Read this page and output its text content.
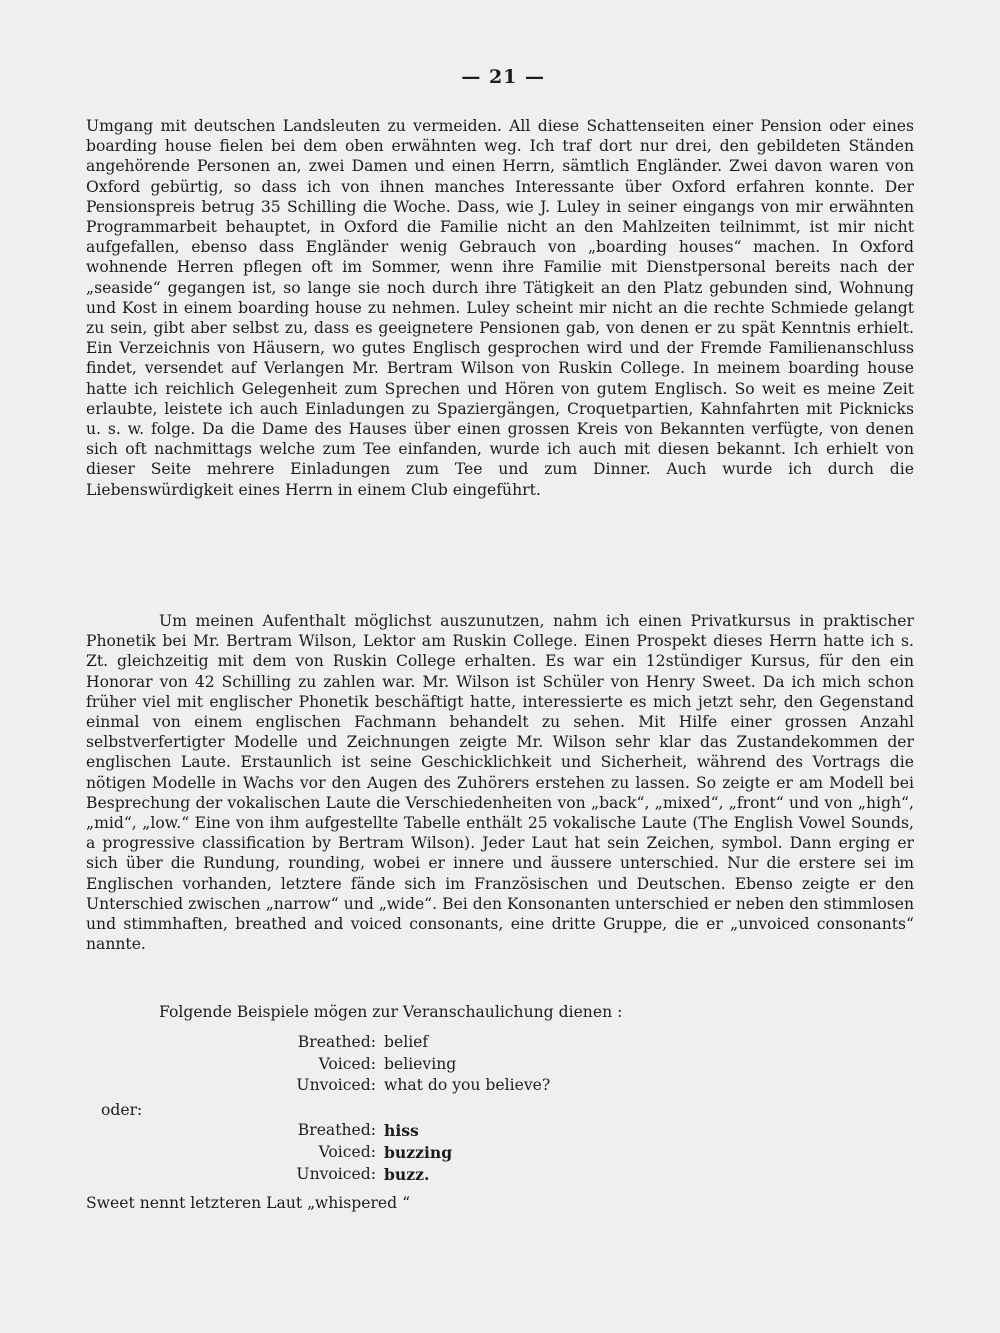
— 21 —

Umgang mit deutschen Landsleuten zu vermeiden. All diese Schattenseiten einer Pension oder eines boarding house fielen bei dem oben erwähnten weg. Ich traf dort nur drei, den gebildeten Ständen angehörende Personen an, zwei Damen und einen Herrn, sämtlich Engländer. Zwei davon waren von Oxford gebürtig, so dass ich von ihnen manches Interessante über Oxford erfahren konnte. Der Pensionspreis betrug 35 Schilling die Woche. Dass, wie J. Luley in seiner eingangs von mir erwähnten Programmarbeit behauptet, in Oxford die Familie nicht an den Mahlzeiten teilnimmt, ist mir nicht aufgefallen, ebenso dass Engländer wenig Gebrauch von „boarding houses“ machen. In Oxford wohnende Herren pflegen oft im Sommer, wenn ihre Familie mit Dienstpersonal bereits nach der „seaside“ gegangen ist, so lange sie noch durch ihre Tätigkeit an den Platz gebunden sind, Wohnung und Kost in einem boarding house zu nehmen. Luley scheint mir nicht an die rechte Schmiede gelangt zu sein, gibt aber selbst zu, dass es geeignetere Pensionen gab, von denen er zu spät Kenntnis erhielt. Ein Verzeichnis von Häusern, wo gutes Englisch gesprochen wird und der Fremde Familienanschluss findet, versendet auf Verlangen Mr. Bertram Wilson von Ruskin College. In meinem boarding house hatte ich reichlich Gelegenheit zum Sprechen und Hören von gutem Englisch. So weit es meine Zeit erlaubte, leistete ich auch Einladungen zu Spaziergängen, Croquetpartien, Kahnfahrten mit Picknicks u. s. w. folge. Da die Dame des Hauses über einen grossen Kreis von Bekannten verfügte, von denen sich oft nachmittags welche zum Tee einfanden, wurde ich auch mit diesen bekannt. Ich erhielt von dieser Seite mehrere Einladungen zum Tee und zum Dinner. Auch wurde ich durch die Liebenswürdigkeit eines Herrn in einem Club eingeführt.

Um meinen Aufenthalt möglichst auszunutzen, nahm ich einen Privatkursus in praktischer Phonetik bei Mr. Bertram Wilson, Lektor am Ruskin College. Einen Prospekt dieses Herrn hatte ich s. Zt. gleichzeitig mit dem von Ruskin College erhalten. Es war ein 12stündiger Kursus, für den ein Honorar von 42 Schilling zu zahlen war. Mr. Wilson ist Schüler von Henry Sweet. Da ich mich schon früher viel mit englischer Phonetik beschäftigt hatte, interessierte es mich jetzt sehr, den Gegenstand einmal von einem englischen Fachmann behandelt zu sehen. Mit Hilfe einer grossen Anzahl selbstverfertigter Modelle und Zeichnungen zeigte Mr. Wilson sehr klar das Zustandekommen der englischen Laute. Erstaunlich ist seine Geschicklichkeit und Sicherheit, während des Vortrags die nötigen Modelle in Wachs vor den Augen des Zuhörers erstehen zu lassen. So zeigte er am Modell bei Besprechung der vokalischen Laute die Verschiedenheiten von „back“, „mixed“, „front“ und von „high“, „mid“, „low.“ Eine von ihm aufgestellte Tabelle enthält 25 vokalische Laute (The English Vowel Sounds, a progressive classification by Bertram Wilson). Jeder Laut hat sein Zeichen, symbol. Dann erging er sich über die Rundung, rounding, wobei er innere und äussere unterschied. Nur die erstere sei im Englischen vorhanden, letztere fände sich im Französischen und Deutschen. Ebenso zeigte er den Unterschied zwischen „narrow“ und „wide“. Bei den Konsonanten unterschied er neben den stimmlosen und stimmhaften, breathed and voiced consonants, eine dritte Gruppe, die er „unvoiced consonants“ nannte.

Folgende Beispiele mögen zur Veranschaulichung dienen :
Breathed: belief
Voiced: believing
Unvoiced: what do you believe?
oder:
Breathed: hiss
Voiced: buzzing
Unvoiced: buzz.
Sweet nennt letzteren Laut „whispered “
